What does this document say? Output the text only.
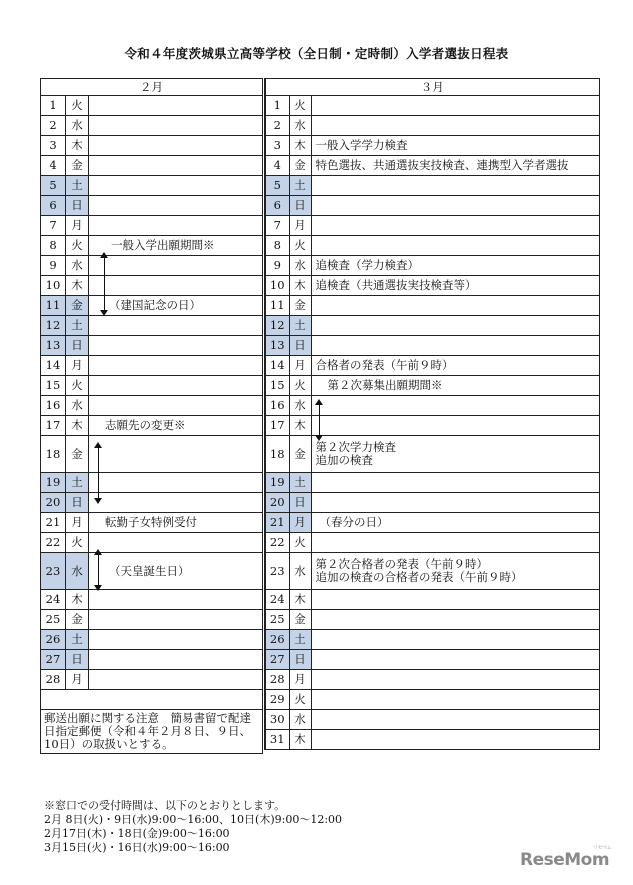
令和４年度茨城県立高等学校（全日制・定時制）入学者選抜日程表
２月		
1	火	
2	水	
3	木	
4	金	
5	土	
6	日	
7	月	
8	火	一般入学出願期間※
9	水	
10	木	
11	金	（建国記念の日）
12	土	
13	日	
14	月	
15	火	
16	水	
17	木	志願先の変更※
18	金	
19	土	
20	日	
21	月	転勤子女特例受付
22	火	
23	水	（天皇誕生日）
24	木	
25	金	
26	土	
27	日	
28	月	

郵送出願に関する注意　簡易書留で配達日指定郵便（令和４年２月８日、９日、10日）の取扱いとする。		
３月		
1	火	

2	水	

3	木	一般入学学力検査

4	金	特色選抜、共通選抜実技検査、連携型入学者選抜

5	土	

6	日	

7	月	

8	火	

9	水	追検査（学力検査）

10	木	追検査（共通選抜実技検査等）

11	金	

12	土	

13	日	

14	月	合格者の発表（午前９時）

15	火	第２次募集出願期間※

16	水	

17	木	

18	金	第２次学力検査
追加の検査

19	土	

20	日	

21	月	（春分の日）

22	火	

23	水	第２次合格者の発表（午前９時）
追加の検査の合格者の発表（午前９時）

24	木	

25	金	

26	土	

27	日	

28	月	

29	火	

30	水	

31	木	
※窓口での受付時間は、以下のとおりとします。
2月 8日(火)・9日(水)9:00～16:00、10日(木)9:00～12:00
2月17日(木)・18日(金)9:00～16:00
3月15日(火)・16日(水)9:00～16:00
ReseMom
リセマム
